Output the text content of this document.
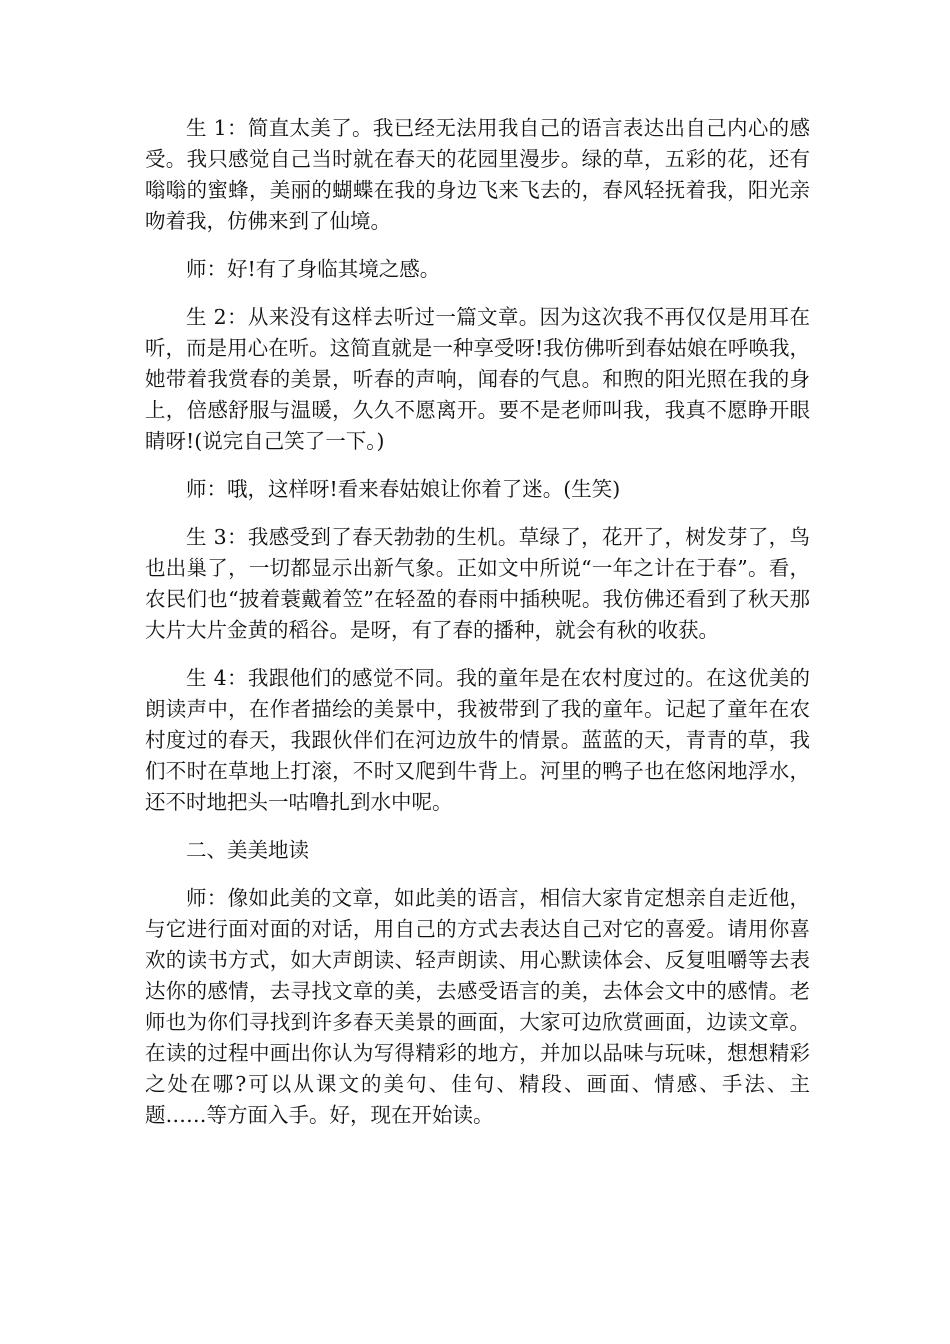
生 1：简直太美了。我已经无法用我自己的语言表达出自己内心的感受。我只感觉自己当时就在春天的花园里漫步。绿的草，五彩的花，还有嗡嗡的蜜蜂，美丽的蝴蝶在我的身边飞来飞去的，春风轻抚着我，阳光亲吻着我，仿佛来到了仙境。

师：好!有了身临其境之感。

生 2：从来没有这样去听过一篇文章。因为这次我不再仅仅是用耳在听，而是用心在听。这简直就是一种享受呀!我仿佛听到春姑娘在呼唤我，她带着我赏春的美景，听春的声响，闻春的气息。和煦的阳光照在我的身上，倍感舒服与温暖，久久不愿离开。要不是老师叫我，我真不愿睁开眼睛呀!(说完自己笑了一下。)

师：哦，这样呀!看来春姑娘让你着了迷。(生笑)

生 3：我感受到了春天勃勃的生机。草绿了，花开了，树发芽了，鸟也出巢了，一切都显示出新气象。正如文中所说“一年之计在于春”。看，农民们也“披着蓑戴着笠”在轻盈的春雨中插秧呢。我仿佛还看到了秋天那大片大片金黄的稻谷。是呀，有了春的播种，就会有秋的收获。

生 4：我跟他们的感觉不同。我的童年是在农村度过的。在这优美的朗读声中，在作者描绘的美景中，我被带到了我的童年。记起了童年在农村度过的春天，我跟伙伴们在河边放牛的情景。蓝蓝的天，青青的草，我们不时在草地上打滚，不时又爬到牛背上。河里的鸭子也在悠闲地浮水，还不时地把头一咕噜扎到水中呢。

二、美美地读

师：像如此美的文章，如此美的语言，相信大家肯定想亲自走近他，与它进行面对面的对话，用自己的方式去表达自己对它的喜爱。请用你喜欢的读书方式，如大声朗读、轻声朗读、用心默读体会、反复咀嚼等去表达你的感情，去寻找文章的美，去感受语言的美，去体会文中的感情。老师也为你们寻找到许多春天美景的画面，大家可边欣赏画面，边读文章。在读的过程中画出你认为写得精彩的地方，并加以品味与玩味，想想精彩之处在哪?可以从课文的美句、佳句、精段、画面、情感、手法、主题……等方面入手。好，现在开始读。
